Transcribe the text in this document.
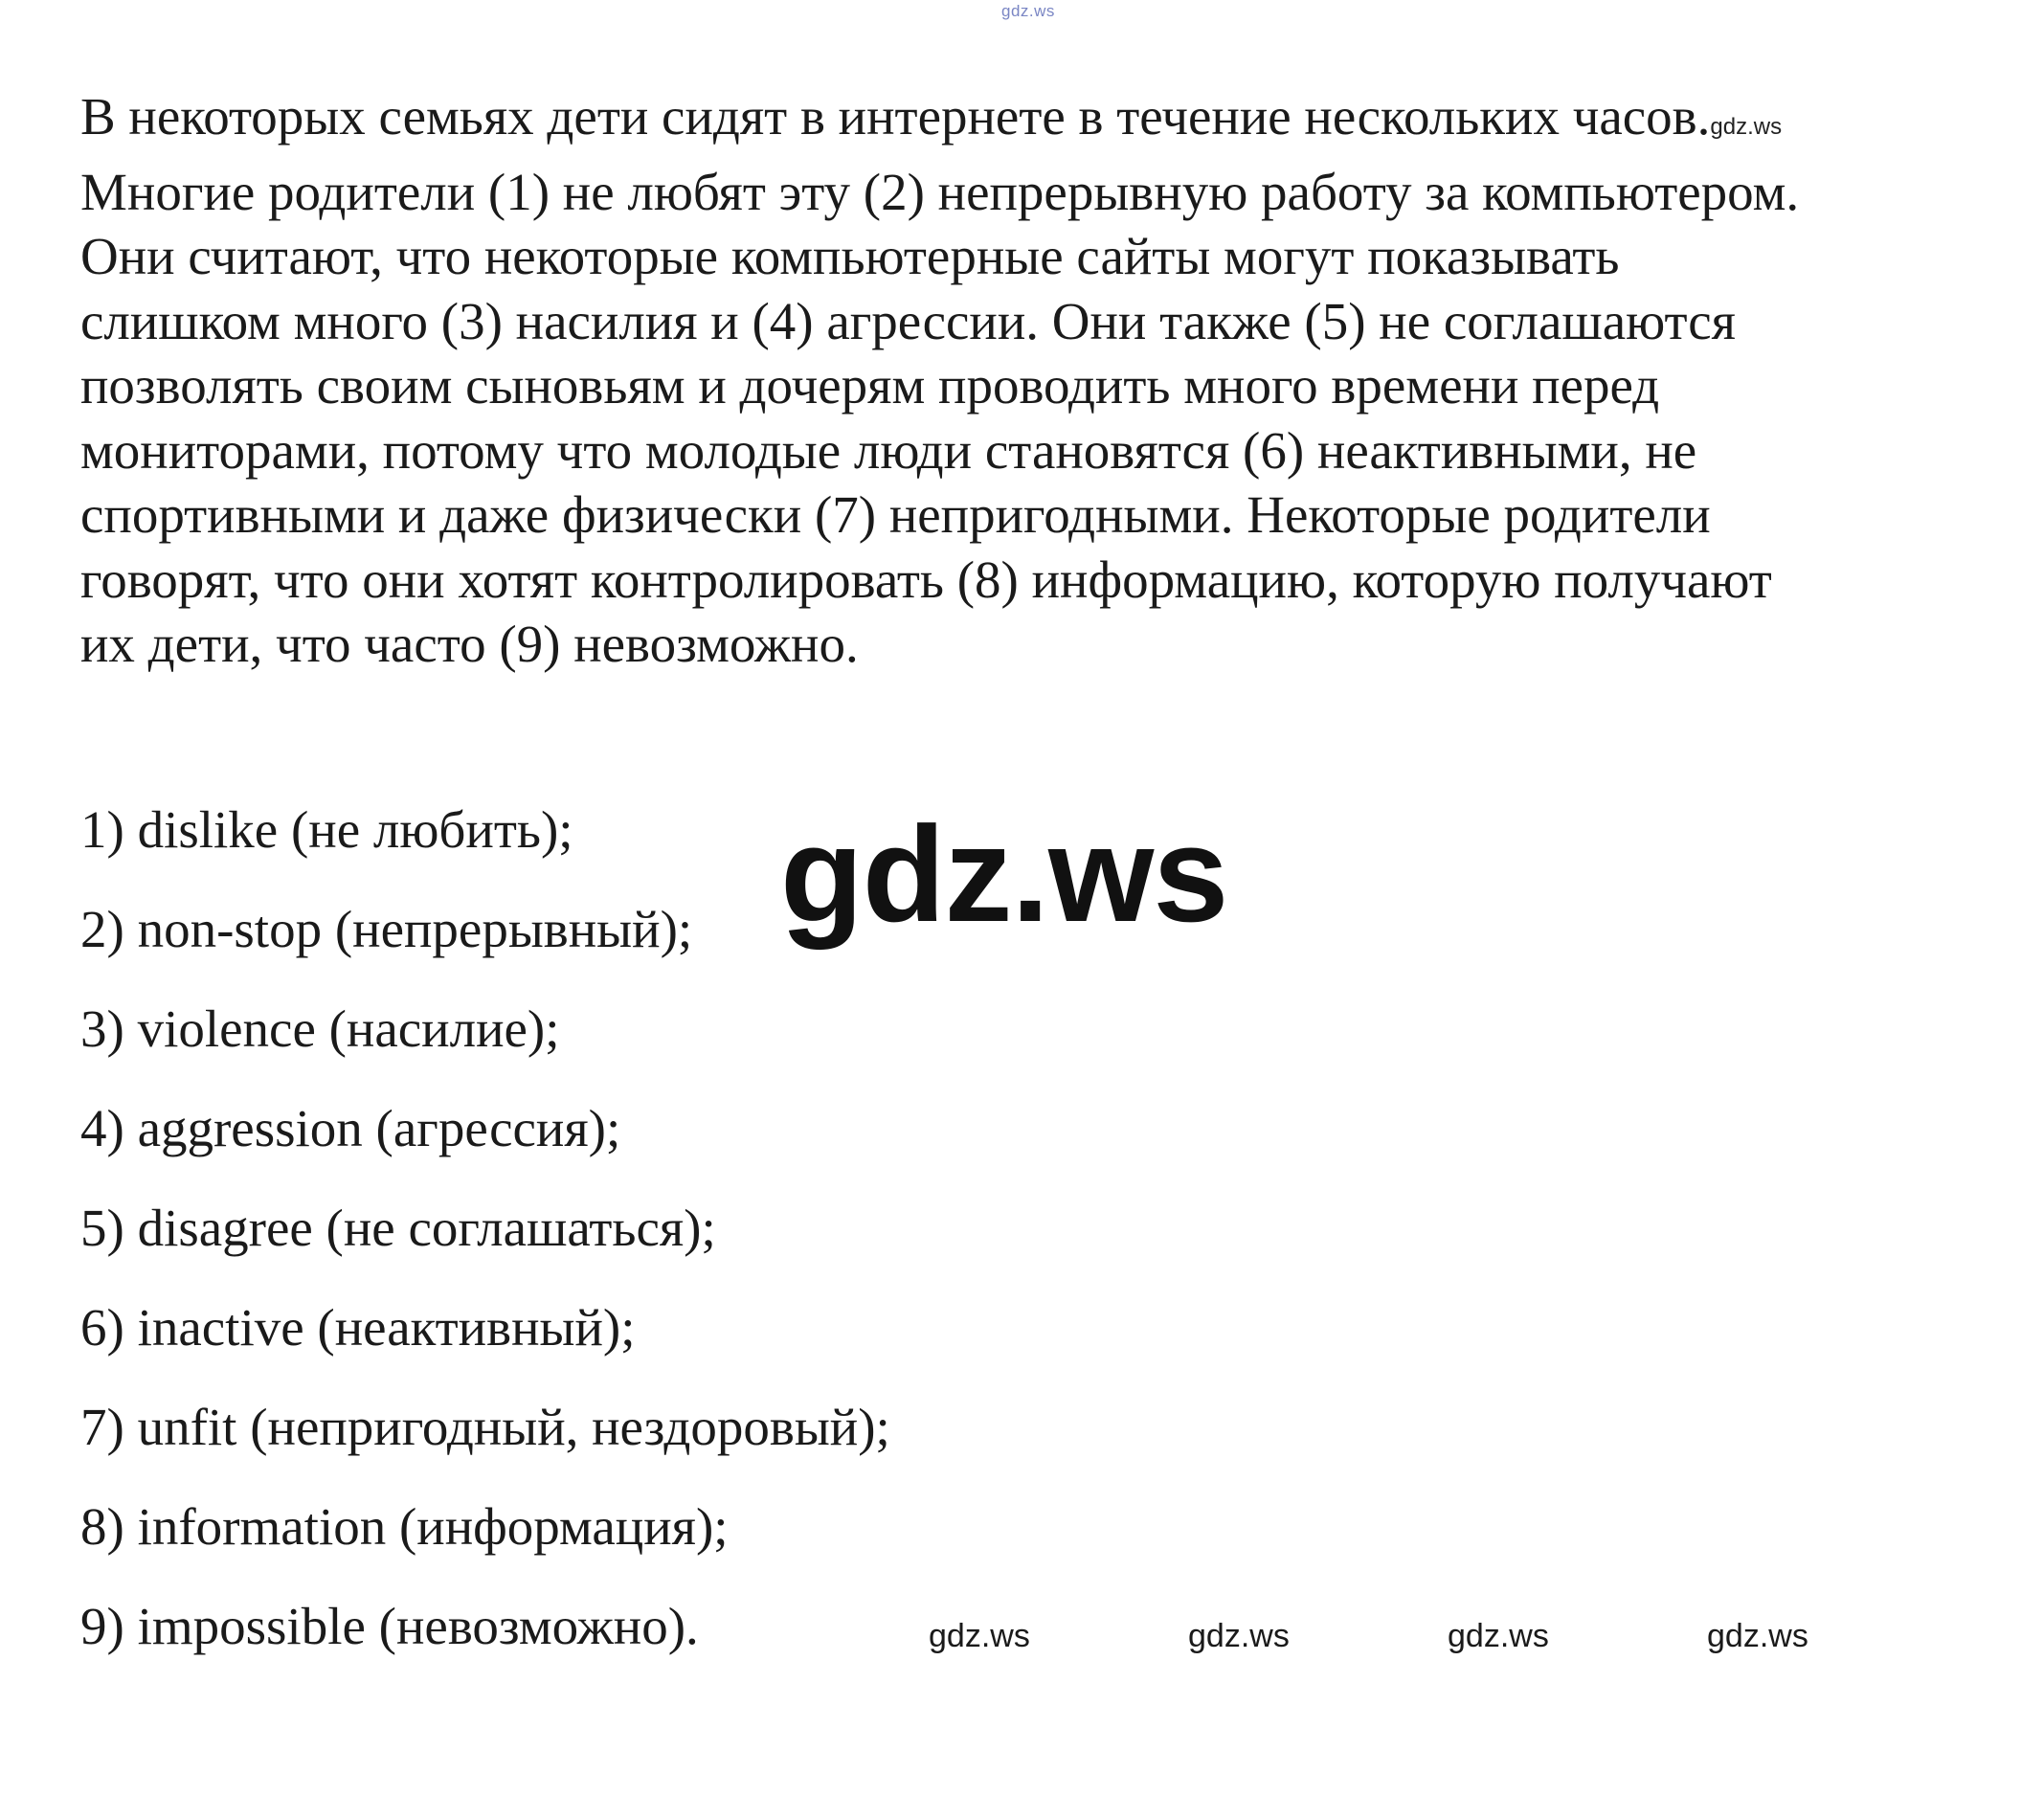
gdz.ws
В некоторых семьях дети сидят в интернете в течение нескольких часов.gdz.ws
Многие родители (1) не любят эту (2) непрерывную работу за компьютером.
Они считают, что некоторые компьютерные сайты могут показывать
слишком много (3) насилия и (4) агрессии. Они также (5) не соглашаются
позволять своим сыновьям и дочерям проводить много времени перед
мониторами, потому что молодые люди становятся (6) неактивными, не
спортивными и даже физически (7) непригодными. Некоторые родители
говорят, что они хотят контролировать (8) информацию, которую получают
их дети, что часто (9) невозможно.
1) dislike (не любить);
2) non-stop (непрерывный);
3) violence (насилие);
4) aggression (агрессия);
5) disagree (не соглашаться);
6) inactive (неактивный);
7) unfit (непригодный, нездоровый);
8) information (информация);
9) impossible (невозможно).
gdz.ws
gdz.ws	gdz.ws	gdz.ws	gdz.ws
